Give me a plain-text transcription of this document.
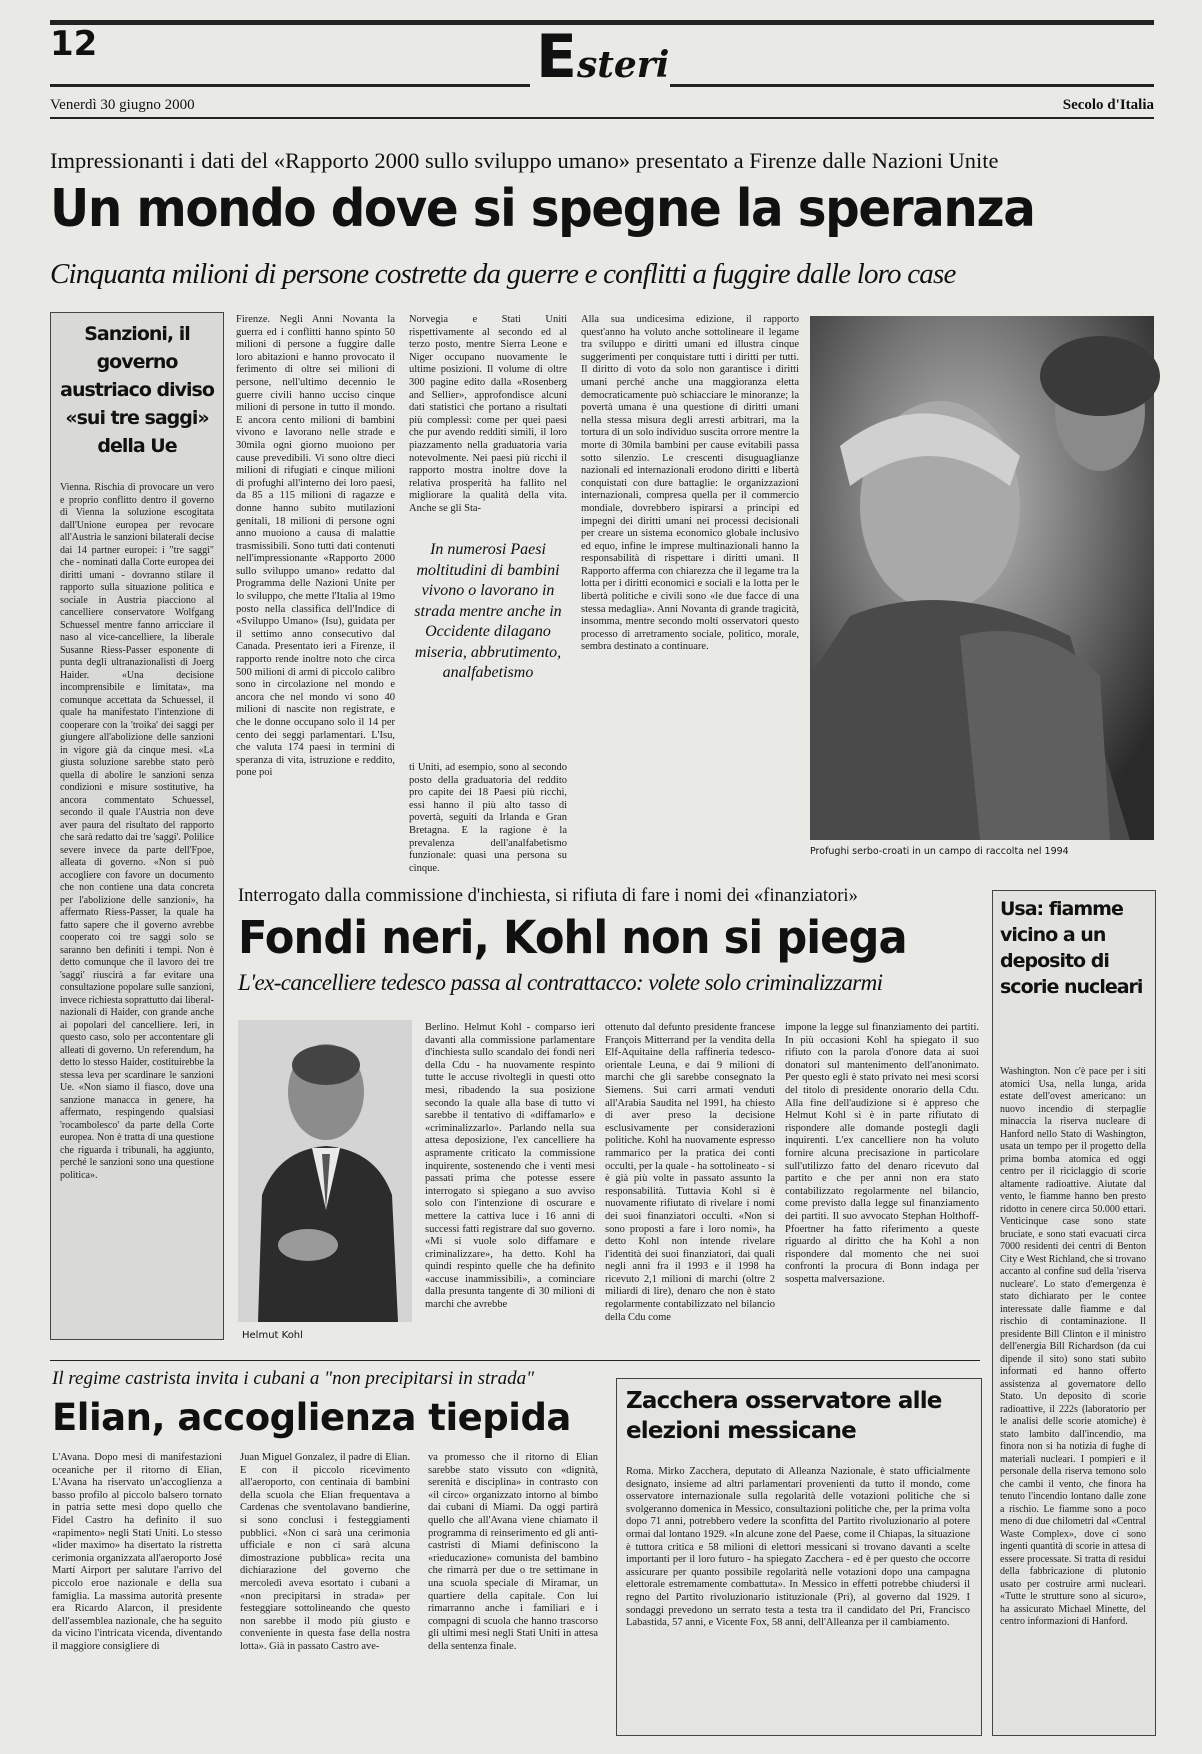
12	Esteri
Venerdì 30 giugno 2000	Secolo d'Italia
Impressionanti i dati del «Rapporto 2000 sullo sviluppo umano» presentato a Firenze dalle Nazioni Unite
Un mondo dove si spegne la speranza
Cinquanta milioni di persone costrette da guerre e conflitti a fuggire dalle loro case
Sanzioni, il governo austriaco diviso «sui tre saggi» della Ue
Vienna. Rischia di provocare un vero e proprio conflitto dentro il governo di Vienna la soluzione escogitata dall'Unione europea per revocare all'Austria le sanzioni bilaterali decise dai 14 partner europei: i "tre saggi" che - nominati dalla Corte europea dei diritti umani - dovranno stilare il rapporto sulla situazione politica e sociale in Austria piacciono al cancelliere conservatore Wolfgang Schuessel mentre fanno arricciare il naso al vice-cancelliere, la liberale Susanne Riess-Passer esponente di punta degli ultranazionalisti di Joerg Haider. «Una decisione incomprensibile e limitata», ma comunque accettata da Schuessel, il quale ha manifestato l'intenzione di cooperare con la 'troika' dei saggi per giungere all'abolizione delle sanzioni in vigore già da cinque mesi. «La giusta soluzione sarebbe stato però quella di abolire le sanzioni senza condizioni e misure sostitutive, ha ancora commentato Schuessel, secondo il quale l'Austria non deve aver paura del risultato del rapporto che sarà redatto dai tre 'saggi'. Polilice severe invece da parte dell'Fpoe, alleata di governo. «Non si può accogliere con favore un documento che non contiene una data concreta per l'abolizione delle sanzioni», ha affermato Riess-Passer, la quale ha fatto sapere che il governo avrebbe cooperato coi tre saggi solo se saranno ben definiti i tempi. Non è detto comunque che il lavoro dei tre 'saggi' riuscirà a far evitare una consultazione popolare sulle sanzioni, invece richiesta soprattutto dai liberal-nazionali di Haider, con grande anche ai popolari del cancelliere. Ieri, in questo caso, solo per accontentare gli alleati di governo. Un referendum, ha detto lo stesso Haider, costituirebbe la stessa leva per scardinare le sanzioni Ue. «Non siamo il fiasco, dove una sanzione manacca in genere, ha affermato, respingendo qualsiasi 'rocambolesco' da parte della Corte europea. Non è tratta di una questione che riguarda i tribunali, ha aggiunto, perché le sanzioni sono una questione politica».
Firenze. Negli Anni Novanta la guerra ed i conflitti hanno spinto 50 milioni di persone a fuggire dalle loro abitazioni e hanno provocato il ferimento di oltre sei milioni di persone, nell'ultimo decennio le guerre civili hanno ucciso cinque milioni di persone in tutto il mondo. E ancora cento milioni di bambini vivono e lavorano nelle strade e 30mila ogni giorno muoiono per cause prevedibili. Vi sono oltre dieci milioni di rifugiati e cinque milioni di profughi all'interno dei loro paesi, da 85 a 115 milioni di ragazze e donne hanno subito mutilazioni genitali, 18 milioni di persone ogni anno muoiono a causa di malattie trasmissibili. Sono tutti dati contenuti nell'impressionante «Rapporto 2000 sullo sviluppo umano» redatto dal Programma delle Nazioni Unite per lo sviluppo, che mette l'Italia al 19mo posto nella classifica dell'Indice di «Sviluppo Umano» (Isu), guidata per il settimo anno consecutivo dal Canada. Presentato ieri a Firenze, il rapporto rende inoltre noto che circa 500 milioni di armi di piccolo calibro sono in circolazione nel mondo e ancora che nel mondo vi sono 40 milioni di nascite non registrate, e che le donne occupano solo il 14 per cento dei seggi parlamentari. L'Isu, che valuta 174 paesi in termini di speranza di vita, istruzione e reddito, pone poi
Norvegia e Stati Uniti rispettivamente al secondo ed al terzo posto, mentre Sierra Leone e Niger occupano nuovamente le ultime posizioni. Il volume di oltre 300 pagine edito dalla «Rosenberg and Sellier», approfondisce alcuni dati statistici che portano a risultati più complessi: come per quei paesi che pur avendo redditi simili, il loro piazzamento nella graduatoria varia notevolmente. Nei paesi più ricchi il rapporto mostra inoltre dove la relativa prosperità ha fallito nel migliorare la qualità della vita. Anche se gli Sta-
In numerosi Paesi moltitudini di bambini vivono o lavorano in strada mentre anche in Occidente dilagano miseria, abbrutimento, analfabetismo
ti Uniti, ad esempio, sono al secondo posto della graduatoria del reddito pro capite dei 18 Paesi più ricchi, essi hanno il più alto tasso di povertà, seguiti da Irlanda e Gran Bretagna. E la ragione è la prevalenza dell'analfabetismo funzionale: quasi una persona su cinque.
Alla sua undicesima edizione, il rapporto quest'anno ha voluto anche sottolineare il legame tra sviluppo e diritti umani ed illustra cinque suggerimenti per conquistare tutti i diritti per tutti. Il diritto di voto da solo non garantisce i diritti umani perché anche una maggioranza eletta democraticamente può schiacciare le minoranze; la povertà umana è una questione di diritti umani nella stessa misura degli arresti arbitrari, ma la tortura di un solo individuo suscita orrore mentre la morte di 30mila bambini per cause evitabili passa sotto silenzio. Le crescenti disuguaglianze nazionali ed internazionali erodono diritti e libertà conquistati con dure battaglie: le organizzazioni internazionali, compresa quella per il commercio mondiale, dovrebbero ispirarsi a principi ed impegni dei diritti umani nei processi decisionali per creare un sistema economico globale inclusivo ed equo, infine le imprese multinazionali hanno la responsabilità di rispettare i diritti umani. Il Rapporto afferma con chiarezza che il legame tra la lotta per i diritti economici e sociali e la lotta per le libertà politiche e civili sono «le due facce di una stessa medaglia». Anni Novanta di grande tragicità, insomma, mentre secondo molti osservatori questo processo di arretramento sociale, politico, morale, sembra destinato a continuare.
Profughi serbo-croati in un campo di raccolta nel 1994
Interrogato dalla commissione d'inchiesta, si rifiuta di fare i nomi dei «finanziatori»
Fondi neri, Kohl non si piega
L'ex-cancelliere tedesco passa al contrattacco: volete solo criminalizzarmi
Helmut Kohl
Berlino. Helmut Kohl - comparso ieri davanti alla commissione parlamentare d'inchiesta sullo scandalo dei fondi neri della Cdu - ha nuovamente respinto tutte le accuse rivoltegli in questi otto mesi, ribadendo la sua posizione secondo la quale alla base di tutto vi sarebbe il tentativo di «diffamarlo» e «criminalizzarlo». Parlando nella sua attesa deposizione, l'ex cancelliere ha aspramente criticato la commissione inquirente, sostenendo che i venti mesi passati prima che potesse essere interrogato si spiegano a suo avviso solo con l'intenzione di oscurare e mettere la cattiva luce i 16 anni di successi fatti registrare dal suo governo. «Mi si vuole solo diffamare e criminalizzare», ha detto. Kohl ha quindi respinto quelle che ha definito «accuse inammissibili», a cominciare dalla presunta tangente di 30 milioni di marchi che avrebbe
ottenuto dal defunto presidente francese François Mitterrand per la vendita della Elf-Aquitaine della raffineria tedesco-orientale Leuna, e dai 9 milioni di marchi che gli sarebbe consegnato la Siemens. Sui carri armati venduti all'Arabia Saudita nel 1991, ha chiesto di aver preso la decisione esclusivamente per considerazioni politiche. Kohl ha nuovamente espresso rammarico per la pratica dei conti occulti, per la quale - ha sottolineato - si è già più volte in passato assunto la responsabilità. Tuttavia Kohl si è nuovamente rifiutato di rivelare i nomi dei suoi finanziatori occulti. «Non si sono proposti a fare i loro nomi», ha detto Kohl non intende rivelare l'identità dei suoi finanziatori, dai quali negli anni fra il 1993 e il 1998 ha ricevuto 2,1 milioni di marchi (oltre 2 miliardi di lire), denaro che non è stato regolarmente contabilizzato nel bilancio della Cdu come
impone la legge sul finanziamento dei partiti. In più occasioni Kohl ha spiegato il suo rifiuto con la parola d'onore data ai suoi donatori sul mantenimento dell'anonimato. Per questo egli è stato privato nei mesi scorsi del titolo di presidente onorario della Cdu. Alla fine dell'audizione si è appreso che Helmut Kohl si è in parte rifiutato di rispondere alle domande postegli dagli inquirenti. L'ex cancelliere non ha voluto fornire alcuna precisazione in particolare sull'utilizzo fatto del denaro ricevuto dal partito e che per anni non era stato contabilizzato regolarmente nel bilancio, come previsto dalla legge sul finanziamento dei partiti. Il suo avvocato Stephan Holthoff-Pfoertner ha fatto riferimento a queste riguardo al diritto che ha Kohl a non rispondere dal momento che nei suoi confronti la procura di Bonn indaga per sospetta malversazione.
Usa: fiamme vicino a un deposito di scorie nucleari
Washington. Non c'è pace per i siti atomici Usa, nella lunga, arida estate dell'ovest americano: un nuovo incendio di sterpaglie minaccia la riserva nucleare di Hanford nello Stato di Washington, usata un tempo per il progetto della prima bomba atomica ed oggi centro per il riciclaggio di scorie altamente radioattive. Aiutate dal vento, le fiamme hanno ben presto ridotto in cenere circa 50.000 ettari. Venticinque case sono state bruciate, e sono stati evacuati circa 7000 residenti dei centri di Benton City e West Richland, che si trovano accanto al confine sud della 'riserva nucleare'. Lo stato d'emergenza è stato dichiarato per le contee interessate dalle fiamme e dal rischio di contaminazione. Il presidente Bill Clinton e il ministro dell'energia Bill Richardson (da cui dipende il sito) sono stati subito informati ed hanno offerto assistenza al governatore dello Stato. Un deposito di scorie radioattive, il 222s (laboratorio per le analisi delle scorie atomiche) è stato lambito dall'incendio, ma finora non si ha notizia di fughe di materiali nucleari. I pompieri e il personale della riserva temono solo che cambi il vento, che finora ha tenuto l'incendio lontano dalle zone a rischio. Le fiamme sono a poco meno di due chilometri dal «Central Waste Complex», dove ci sono ingenti quantità di scorie in attesa di essere processate. Si tratta di residui della fabbricazione di plutonio usato per costruire armi nucleari. «Tutte le strutture sono al sicuro», ha assicurato Michael Minette, del centro informazioni di Hanford.
Il regime castrista invita i cubani a "non precipitarsi in strada"
Elian, accoglienza tiepida
L'Avana. Dopo mesi di manifestazioni oceaniche per il ritorno di Elian, L'Avana ha riservato un'accoglienza a basso profilo al piccolo balsero tornato in patria sette mesi dopo quello che Fidel Castro ha definito il suo «rapimento» negli Stati Uniti. Lo stesso «lider maximo» ha disertato la ristretta cerimonia organizzata all'aeroporto José Martí Airport per salutare l'arrivo del piccolo eroe nazionale e della sua famiglia. La massima autorità presente era Ricardo Alarcon, il presidente dell'assemblea nazionale, che ha seguito da vicino l'intricata vicenda, diventando il maggiore consigliere di
Juan Miguel Gonzalez, il padre di Elian. E con il piccolo ricevimento all'aeroporto, con centinaia di bambini della scuola che Elian frequentava a Cardenas che sventolavano bandierine, si sono conclusi i festeggiamenti pubblici. «Non ci sarà una cerimonia ufficiale e non ci sarà alcuna dimostrazione pubblica» recita una dichiarazione del governo che mercoledì aveva esortato i cubani a «non precipitarsi in strada» per festeggiare sottolineando che questo non sarebbe il modo più giusto e conveniente in questa fase della nostra lotta». Già in passato Castro ave-
va promesso che il ritorno di Elian sarebbe stato vissuto con «dignità, serenità e disciplina» in contrasto con «il circo» organizzato intorno al bimbo dai cubani di Miami. Da oggi partirà quello che all'Avana viene chiamato il programma di reinserimento ed gli anti-castristi di Miami definiscono la «rieducazione» comunista del bambino che rimarrà per due o tre settimane in una scuola speciale di Miramar, un quartiere della capitale. Con lui rimarranno anche i familiari e i compagni di scuola che hanno trascorso gli ultimi mesi negli Stati Uniti in attesa della sentenza finale.
Zacchera osservatore alle elezioni messicane
Roma. Mirko Zacchera, deputato di Alleanza Nazionale, è stato ufficialmente designato, insieme ad altri parlamentari provenienti da tutto il mondo, come osservatore internazionale sulla regolarità delle votazioni politiche che si svolgeranno domenica in Messico, consultazioni politiche che, per la prima volta dopo 71 anni, potrebbero vedere la sconfitta del Partito rivoluzionario al potere ormai dal lontano 1929. «In alcune zone del Paese, come il Chiapas, la situazione è tuttora critica e 58 milioni di elettori messicani si trovano davanti a scelte importanti per il loro futuro - ha spiegato Zacchera - ed è per questo che occorre assicurare per quanto possibile regolarità nelle votazioni dopo una campagna elettorale estremamente combattuta». In Messico in effetti potrebbe chiudersi il regno del Partito rivoluzionario istituzionale (Pri), al governo dal 1929. I sondaggi prevedono un serrato testa a testa tra il candidato del Pri, Francisco Labastida, 57 anni, e Vicente Fox, 58 anni, dell'Alleanza per il cambiamento.
